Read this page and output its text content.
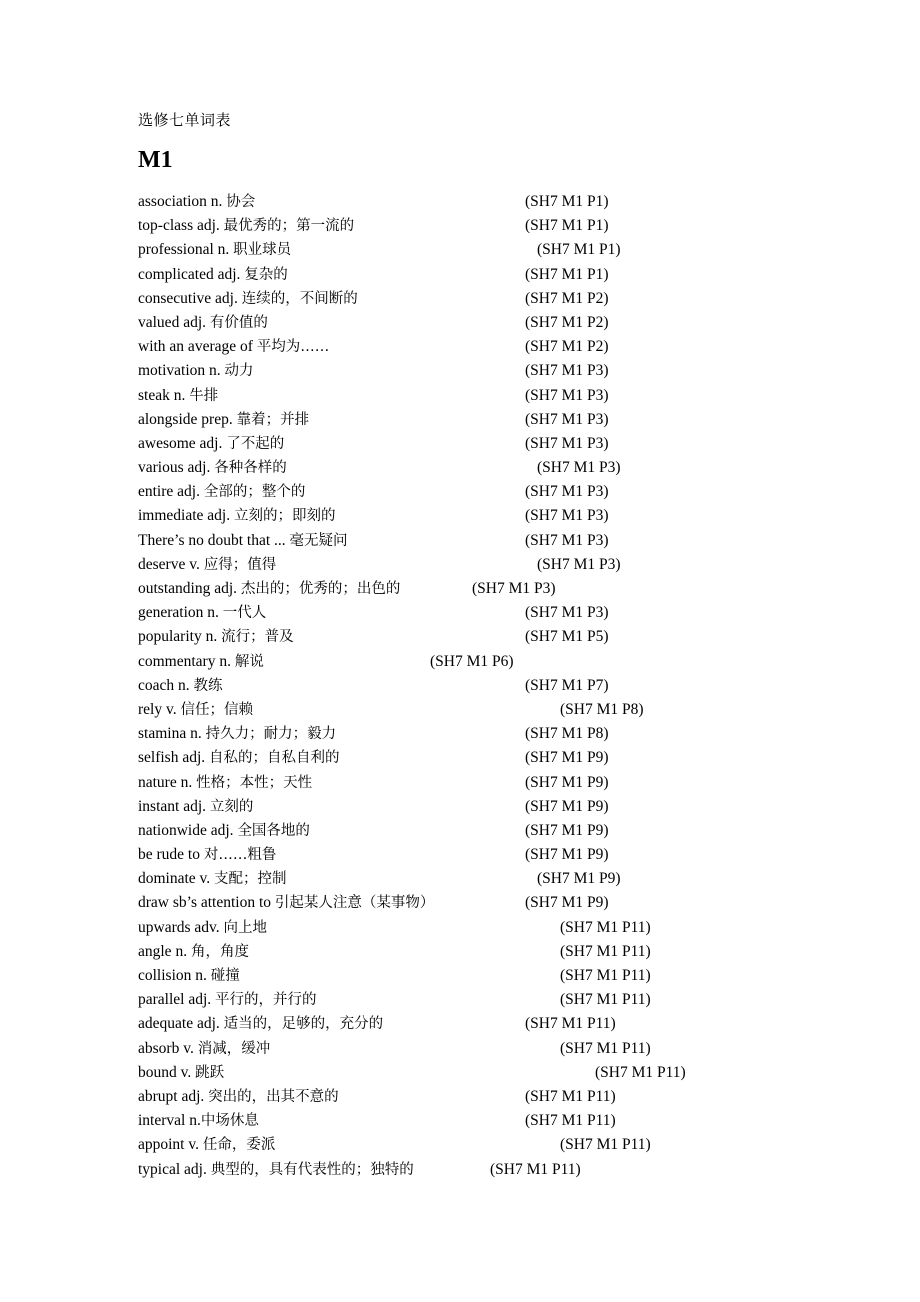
选修七单词表

M1
association n. 协会	(SH7 M1 P1)
top-class adj. 最优秀的；第一流的	(SH7 M1 P1)
professional n. 职业球员	(SH7 M1 P1)
complicated adj. 复杂的	(SH7 M1 P1)
consecutive adj. 连续的，不间断的	(SH7 M1 P2)
valued adj. 有价值的	(SH7 M1 P2)
with an average of 平均为……	(SH7 M1 P2)
motivation n. 动力	(SH7 M1 P3)
steak n. 牛排	(SH7 M1 P3)
alongside prep. 靠着；并排	(SH7 M1 P3)
awesome adj. 了不起的	(SH7 M1 P3)
various adj. 各种各样的	(SH7 M1 P3)
entire adj. 全部的；整个的	(SH7 M1 P3)
immediate adj. 立刻的；即刻的	(SH7 M1 P3)
There’s no doubt that ... 毫无疑问	(SH7 M1 P3)
deserve v. 应得；值得	(SH7 M1 P3)
outstanding adj. 杰出的；优秀的；出色的	(SH7 M1 P3)
generation n. 一代人	(SH7 M1 P3)
popularity n. 流行；普及	(SH7 M1 P5)
commentary n. 解说	(SH7 M1 P6)
coach n. 教练	(SH7 M1 P7)
rely v. 信任；信赖	(SH7 M1 P8)
stamina n. 持久力；耐力；毅力	(SH7 M1 P8)
selfish adj. 自私的；自私自利的	(SH7 M1 P9)
nature n. 性格；本性；天性	(SH7 M1 P9)
instant adj. 立刻的	(SH7 M1 P9)
nationwide adj. 全国各地的	(SH7 M1 P9)
be rude to 对……粗鲁	(SH7 M1 P9)
dominate v. 支配；控制	(SH7 M1 P9)
draw sb’s attention to 引起某人注意（某事物）	(SH7 M1 P9)
upwards adv. 向上地	(SH7 M1 P11)
angle n. 角，角度	(SH7 M1 P11)
collision n. 碰撞	(SH7 M1 P11)
parallel adj. 平行的，并行的	(SH7 M1 P11)
adequate adj. 适当的，足够的，充分的	(SH7 M1 P11)
absorb v. 消减，缓冲	(SH7 M1 P11)
bound v. 跳跃	(SH7 M1 P11)
abrupt adj. 突出的，出其不意的	(SH7 M1 P11)
interval n.中场休息	(SH7 M1 P11)
appoint v. 任命，委派	(SH7 M1 P11)
typical adj. 典型的，具有代表性的；独特的	(SH7 M1 P11)
